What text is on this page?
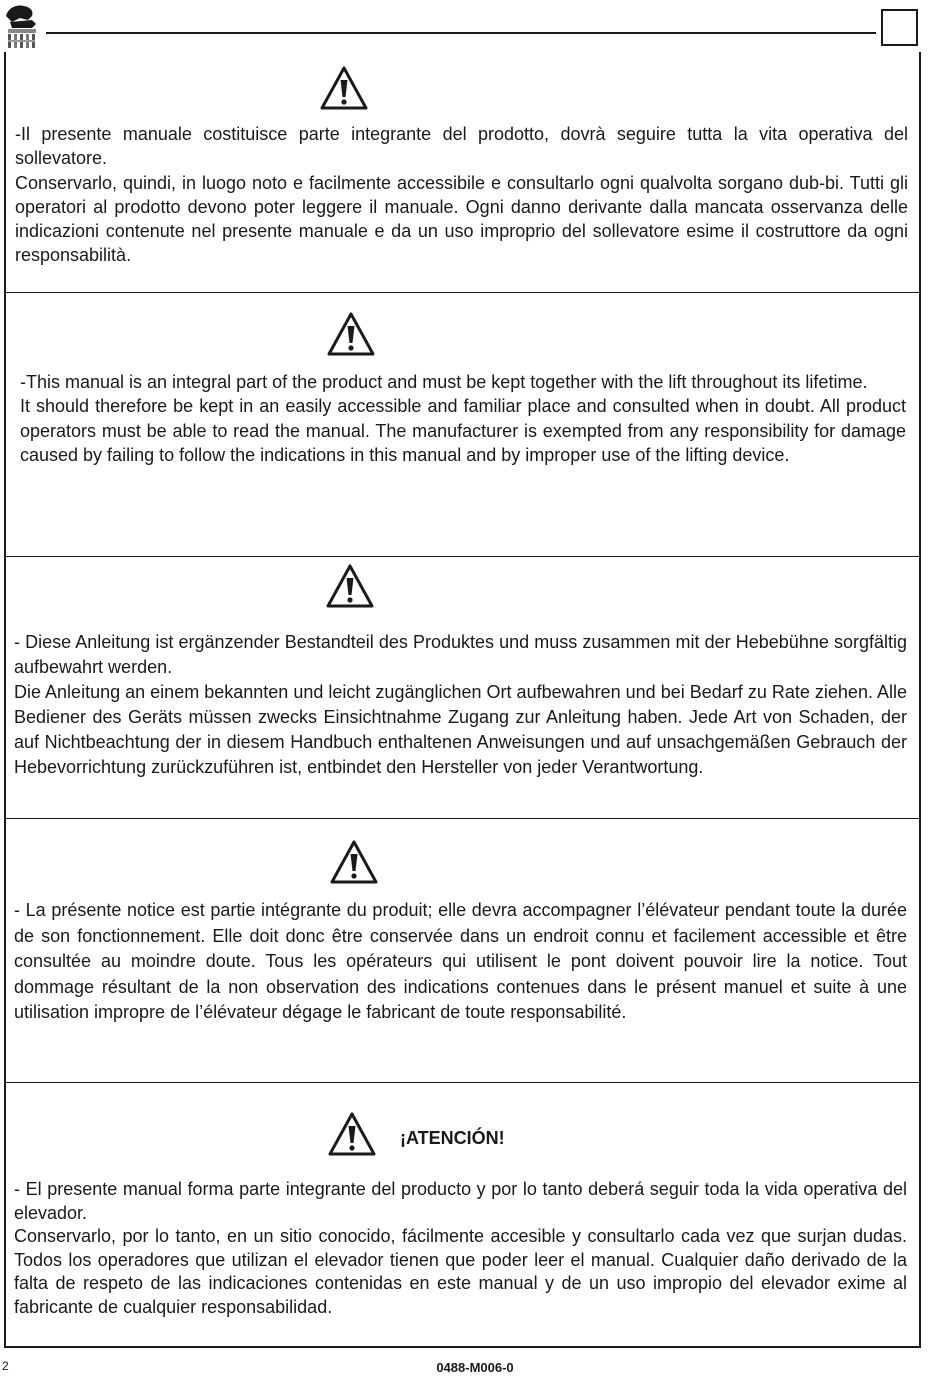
-Il presente manuale costituisce parte integrante del prodotto, dovrà seguire tutta la vita operativa del sollevatore.
Conservarlo, quindi, in luogo noto e facilmente accessibile e consultarlo ogni qualvolta sorgano dub-bi. Tutti gli operatori al prodotto devono poter leggere il manuale. Ogni danno derivante dalla mancata osservanza delle indicazioni contenute nel presente manuale e da un uso improprio del sollevatore esime il costruttore da ogni responsabilità.

-This manual is an integral part of the product and must be kept together with the lift throughout its lifetime.
It should therefore be kept in an easily accessible and familiar place and consulted when in doubt. All product operators must be able to read the manual. The manufacturer is exempted from any responsibility for damage caused by failing to follow the indications in this manual and by improper use of the lifting device.

- Diese Anleitung ist ergänzender Bestandteil des Produktes und muss zusammen mit der Hebebühne sorgfältig aufbewahrt werden.
Die Anleitung an einem bekannten und leicht zugänglichen Ort aufbewahren und bei Bedarf zu Rate ziehen. Alle Bediener des Geräts müssen zwecks Einsichtnahme Zugang zur Anleitung haben. Jede Art von Schaden, der auf Nichtbeachtung der in diesem Handbuch enthaltenen Anweisungen und auf unsachgemäßen Gebrauch der Hebevorrichtung zurückzuführen ist, entbindet den Hersteller von jeder Verantwortung.

- La présente notice est partie intégrante du produit; elle devra accompagner l’élévateur pendant toute la durée de son fonctionnement. Elle doit donc être conservée dans un endroit connu et facilement accessible et être consultée au moindre doute. Tous les opérateurs qui utilisent le pont doivent pouvoir lire la notice. Tout dommage résultant de la non observation des indications contenues dans le présent manuel et suite à une utilisation impropre de l’élévateur dégage le fabricant de toute responsabilité.

¡ATENCIÓN!

- El presente manual forma parte integrante del producto y por lo tanto deberá seguir toda la vida operativa del elevador.
Conservarlo, por lo tanto, en un sitio conocido, fácilmente accesible y consultarlo cada vez que surjan dudas. Todos los operadores que utilizan el elevador tienen que poder leer el manual. Cualquier daño derivado de la falta de respeto de las indicaciones contenidas en este manual y de un uso impropio del elevador exime al fabricante de cualquier responsabilidad.

2	0488-M006-0
